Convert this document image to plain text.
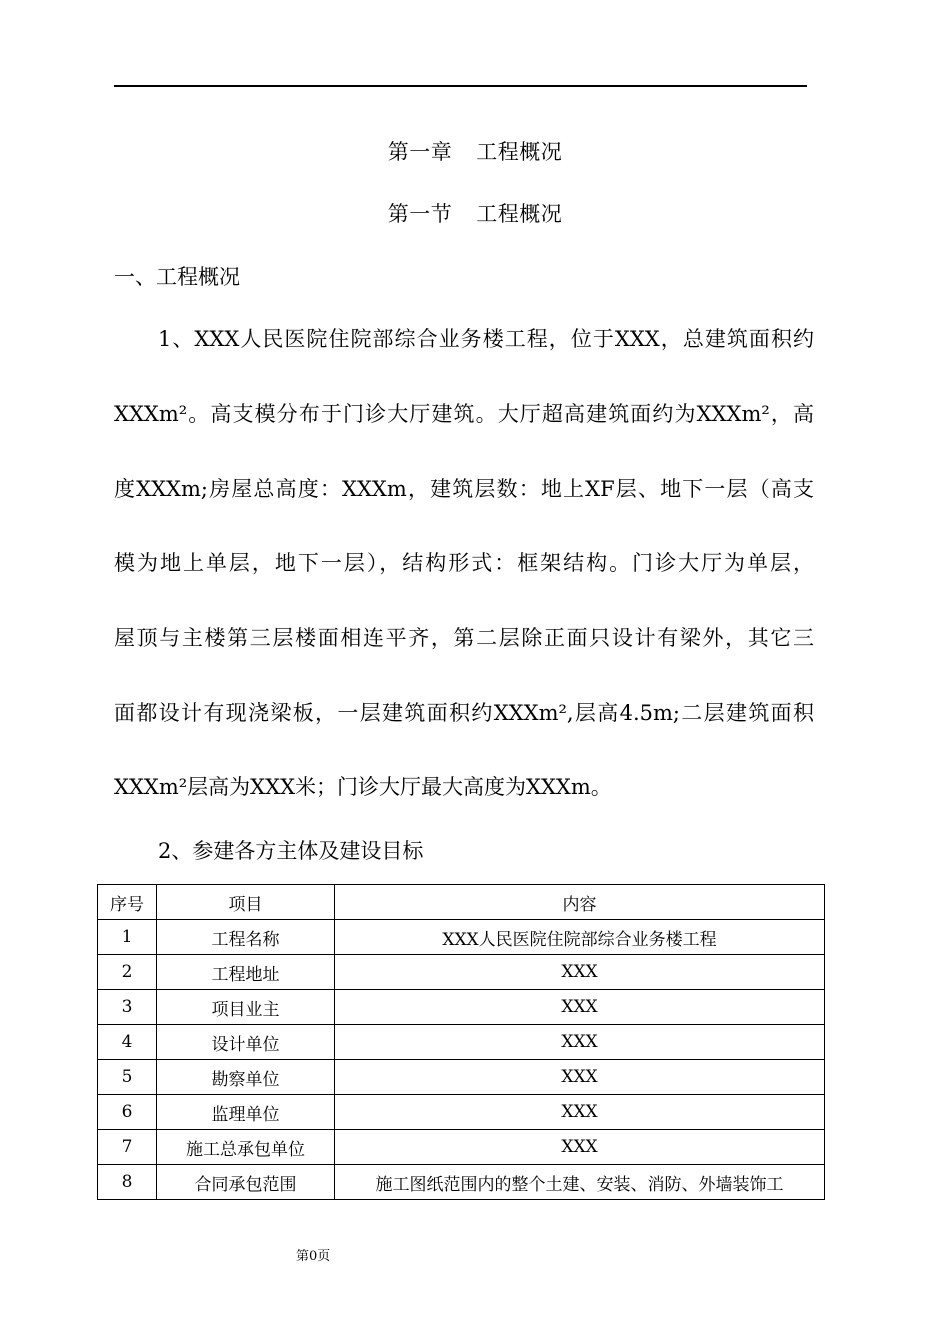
第一章 工程概况
第一节 工程概况
一、工程概况
1、XXX人民医院住院部综合业务楼工程，位于XXX，总建筑面积约
XXXm²。高支模分布于门诊大厅建筑。大厅超高建筑面约为XXXm²，高
度XXXm;房屋总高度：XXXm，建筑层数：地上XF层、地下一层（高支
模为地上单层，地下一层），结构形式：框架结构。门诊大厅为单层，
屋顶与主楼第三层楼面相连平齐，第二层除正面只设计有梁外，其它三
面都设计有现浇梁板，一层建筑面积约XXXm²,层高4.5m;二层建筑面积
XXXm²层高为XXX米；门诊大厅最大高度为XXXm。
2、参建各方主体及建设目标
序号	项目	内容
1	工程名称	XXX人民医院住院部综合业务楼工程
2	工程地址	XXX
3	项目业主	XXX
4	设计单位	XXX
5	勘察单位	XXX
6	监理单位	XXX
7	施工总承包单位	XXX
8	合同承包范围	施工图纸范围内的整个土建、安装、消防、外墙装饰工
第0页
